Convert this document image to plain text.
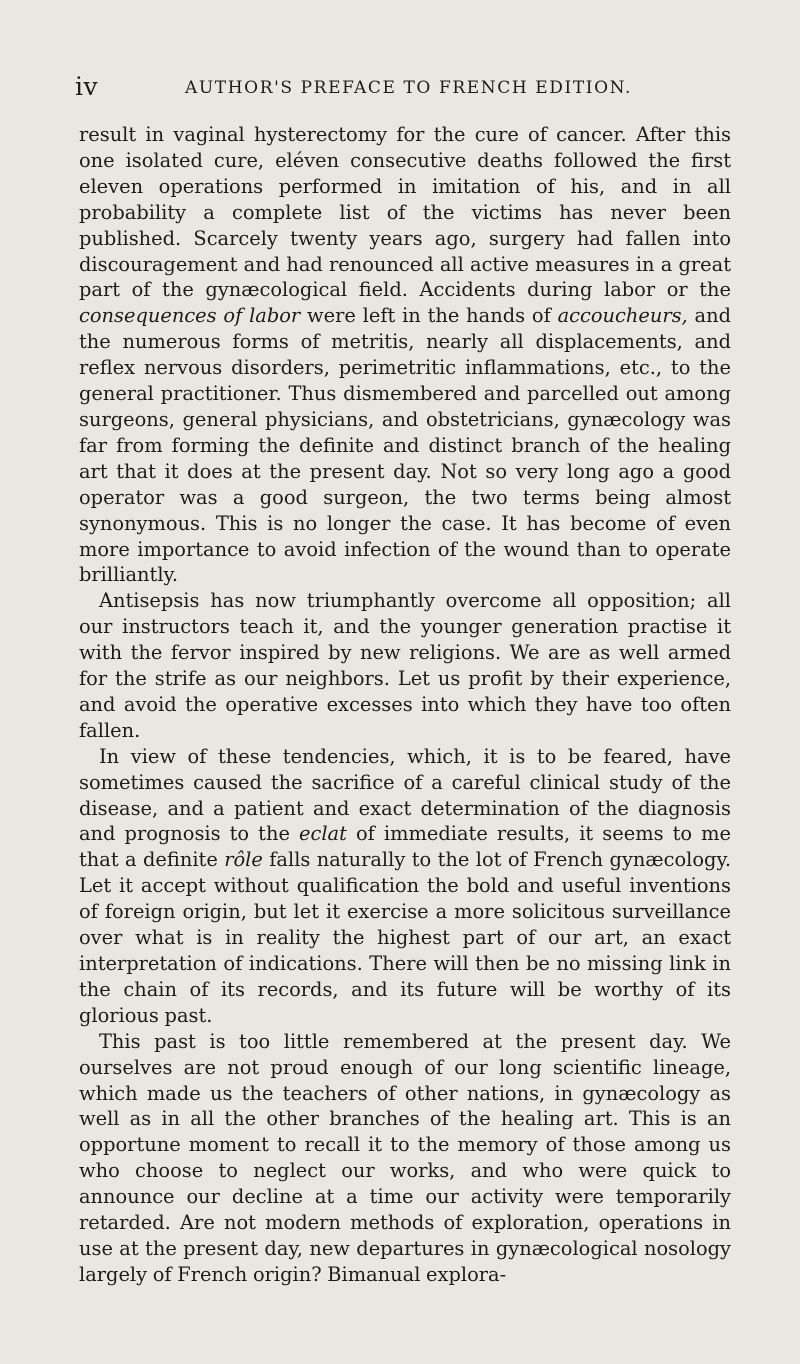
iv	AUTHOR'S PREFACE TO FRENCH EDITION.

result in vaginal hysterectomy for the cure of cancer. After this one isolated cure, eléven consecutive deaths followed the first eleven operations performed in imitation of his, and in all probability a complete list of the victims has never been published. Scarcely twenty years ago, surgery had fallen into discouragement and had renounced all active measures in a great part of the gynæcological field. Accidents during labor or the consequences of labor were left in the hands of accoucheurs, and the numerous forms of metritis, nearly all displacements, and reflex nervous disorders, perimetritic inflammations, etc., to the general practitioner. Thus dismembered and parcelled out among surgeons, general physicians, and obstetricians, gynæcology was far from forming the definite and distinct branch of the healing art that it does at the present day. Not so very long ago a good operator was a good surgeon, the two terms being almost synonymous. This is no longer the case. It has become of even more importance to avoid infection of the wound than to operate brilliantly.

Antisepsis has now triumphantly overcome all opposition; all our instructors teach it, and the younger generation practise it with the fervor inspired by new religions. We are as well armed for the strife as our neighbors. Let us profit by their experience, and avoid the operative excesses into which they have too often fallen.

In view of these tendencies, which, it is to be feared, have sometimes caused the sacrifice of a careful clinical study of the disease, and a patient and exact determination of the diagnosis and prognosis to the eclat of immediate results, it seems to me that a definite rôle falls naturally to the lot of French gynæcology. Let it accept without qualification the bold and useful inventions of foreign origin, but let it exercise a more solicitous surveillance over what is in reality the highest part of our art, an exact interpretation of indications. There will then be no missing link in the chain of its records, and its future will be worthy of its glorious past.

This past is too little remembered at the present day. We ourselves are not proud enough of our long scientific lineage, which made us the teachers of other nations, in gynæcology as well as in all the other branches of the healing art. This is an opportune moment to recall it to the memory of those among us who choose to neglect our works, and who were quick to announce our decline at a time our activity were temporarily retarded. Are not modern methods of exploration, operations in use at the present day, new departures in gynæcological nosology largely of French origin? Bimanual explora-
